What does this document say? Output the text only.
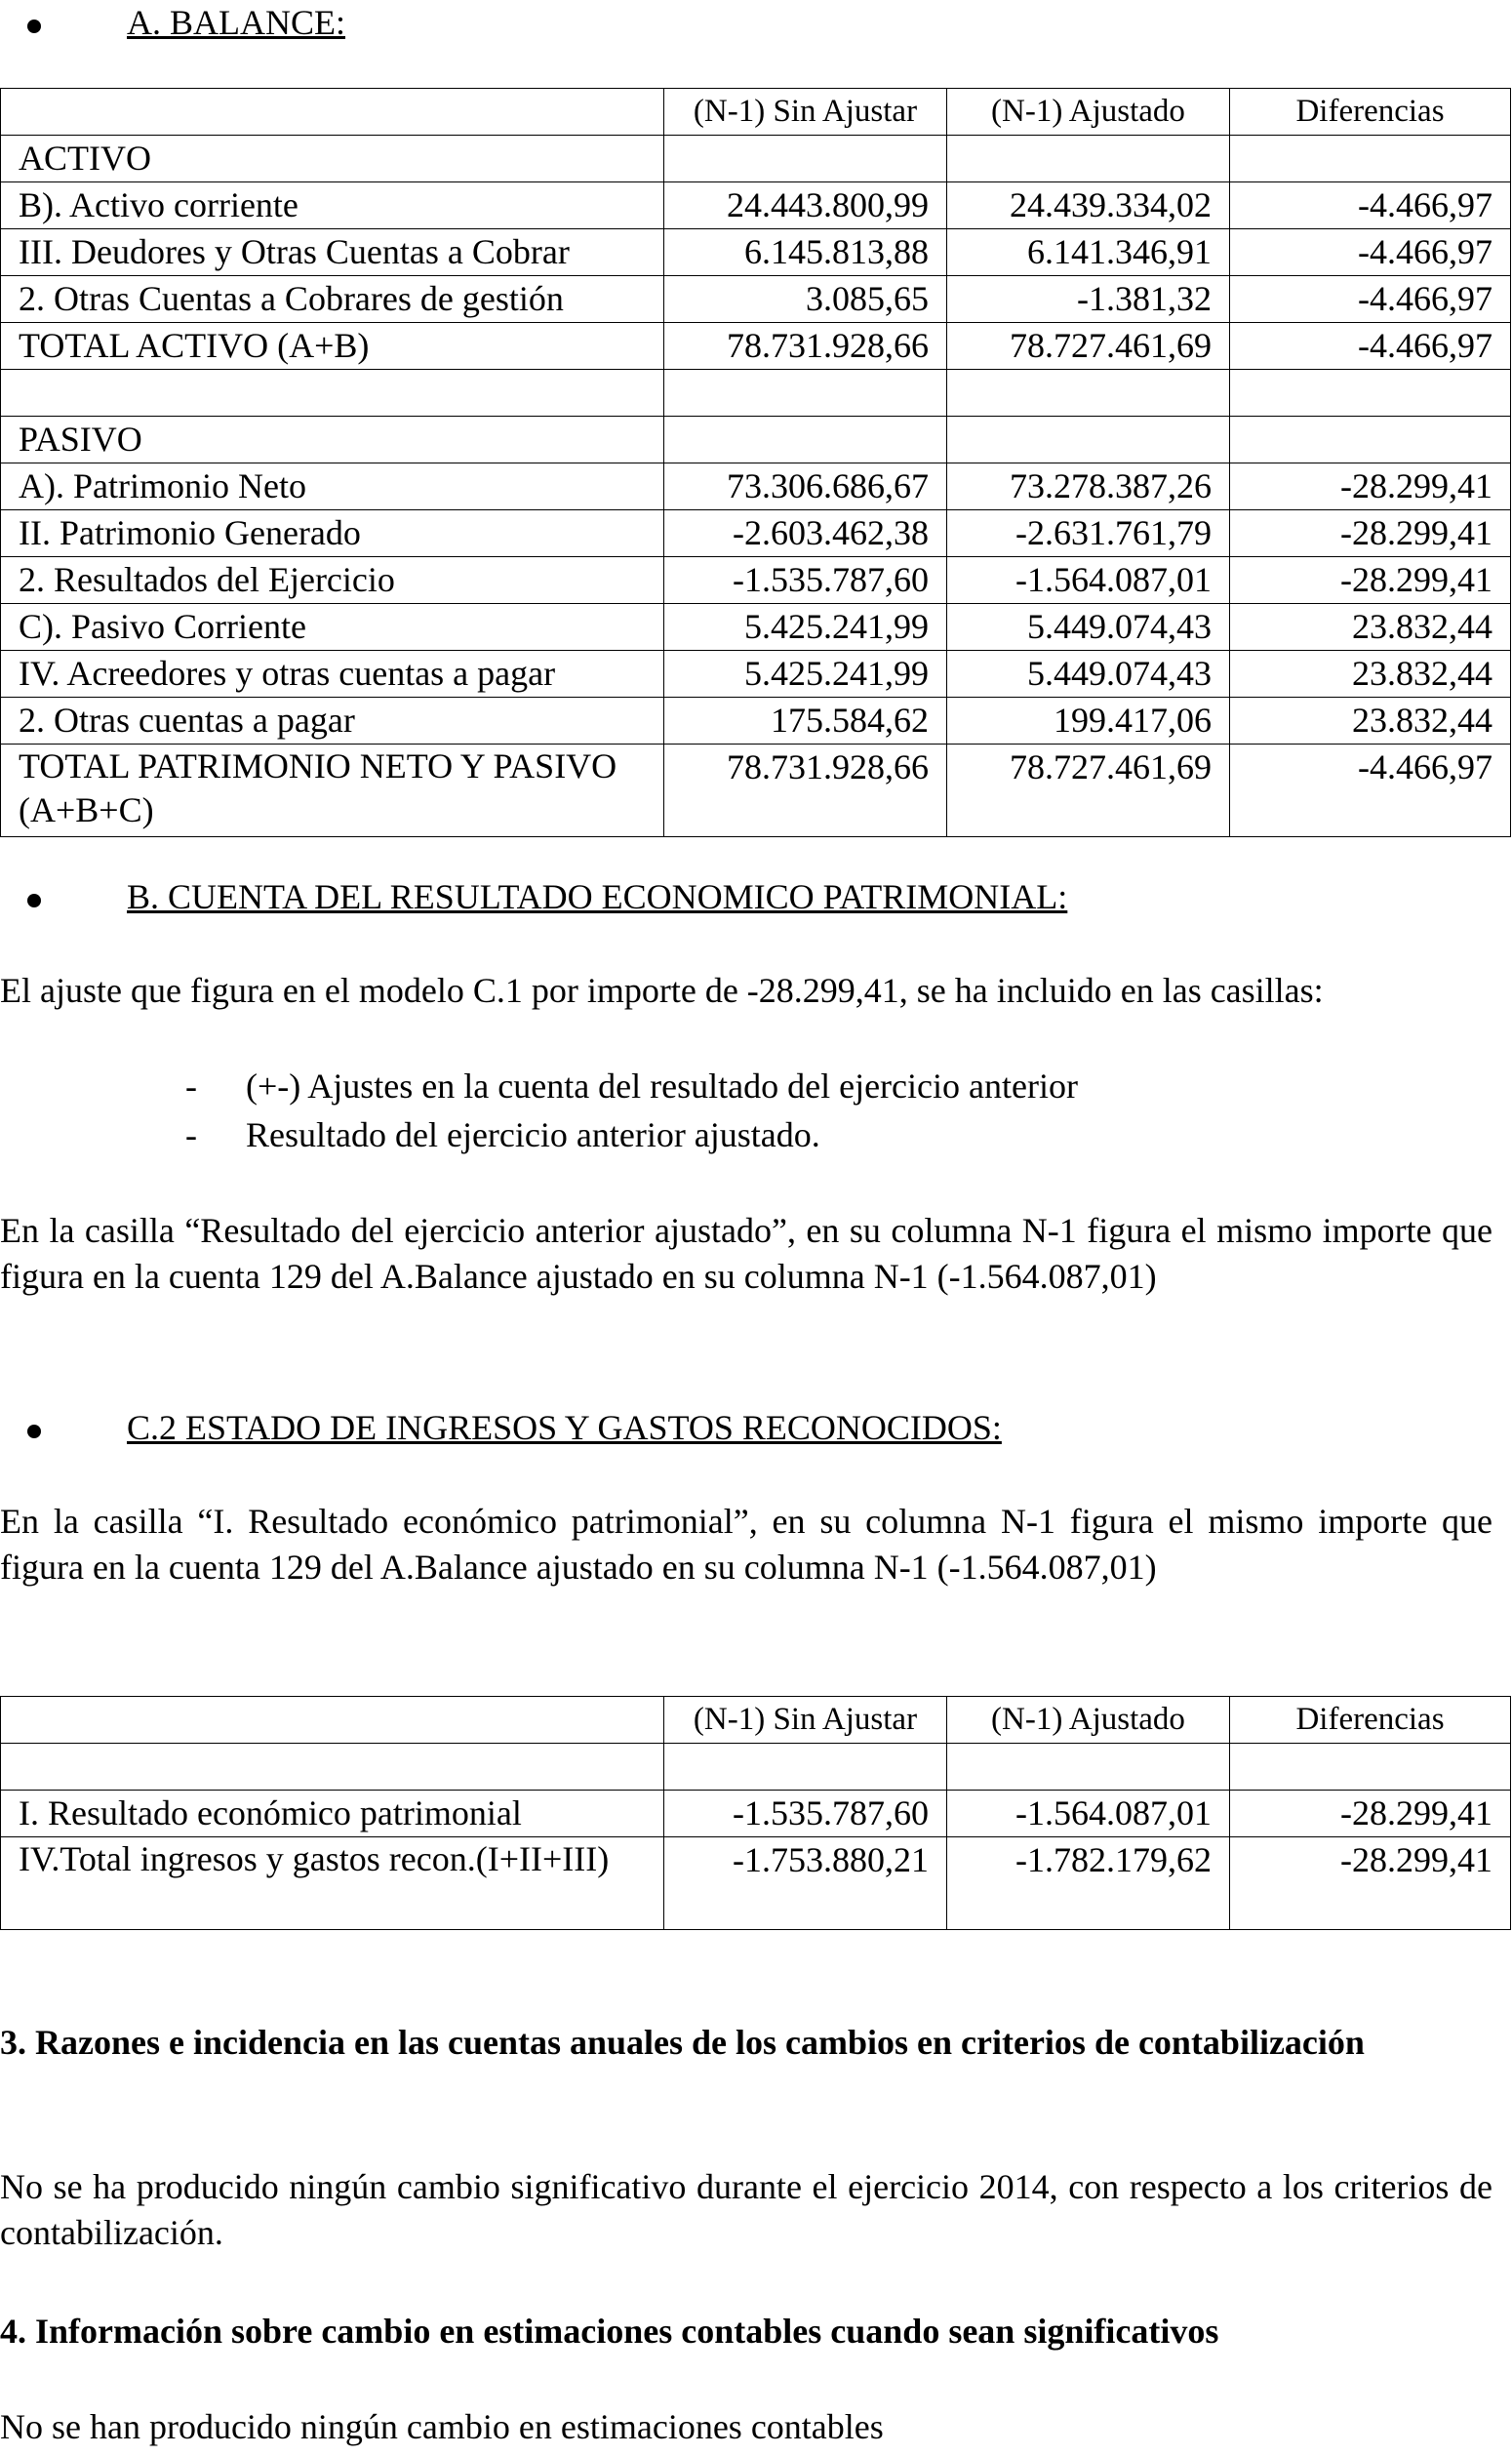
A. BALANCE:
	(N-1) Sin Ajustar	(N-1) Ajustado	Diferencias
ACTIVO			
B). Activo corriente	24.443.800,99	24.439.334,02	-4.466,97
III. Deudores y Otras Cuentas a Cobrar	6.145.813,88	6.141.346,91	-4.466,97
2. Otras Cuentas a Cobrares de gestión	3.085,65	-1.381,32	-4.466,97
TOTAL ACTIVO (A+B)	78.731.928,66	78.727.461,69	-4.466,97

PASIVO			
A). Patrimonio Neto	73.306.686,67	73.278.387,26	-28.299,41
II. Patrimonio Generado	-2.603.462,38	-2.631.761,79	-28.299,41
2. Resultados del Ejercicio	-1.535.787,60	-1.564.087,01	-28.299,41
C). Pasivo Corriente	5.425.241,99	5.449.074,43	23.832,44
IV. Acreedores y otras cuentas a pagar	5.425.241,99	5.449.074,43	23.832,44
2. Otras cuentas a pagar	175.584,62	199.417,06	23.832,44
TOTAL PATRIMONIO NETO Y PASIVO (A+B+C)	78.731.928,66	78.727.461,69	-4.466,97
B. CUENTA DEL RESULTADO ECONOMICO PATRIMONIAL:

El ajuste que figura en el modelo C.1 por importe de -28.299,41, se ha incluido en las casillas:

- (+-) Ajustes en la cuenta del resultado del ejercicio anterior
- Resultado del ejercicio anterior ajustado.

En la casilla “Resultado del ejercicio anterior ajustado”, en su columna N-1 figura el mismo importe que figura en la cuenta 129 del A.Balance ajustado en su columna N-1 (-1.564.087,01)

C.2 ESTADO DE INGRESOS Y GASTOS RECONOCIDOS:

En la casilla “I. Resultado económico patrimonial”, en su columna N-1 figura el mismo importe que figura en la cuenta 129 del A.Balance ajustado en su columna N-1 (-1.564.087,01)

	(N-1) Sin Ajustar	(N-1) Ajustado	Diferencias

I. Resultado económico patrimonial	-1.535.787,60	-1.564.087,01	-28.299,41
IV.Total ingresos y gastos recon.(I+II+III)	-1.753.880,21	-1.782.179,62	-28.299,41
3. Razones e incidencia en las cuentas anuales de los cambios en criterios de contabilización

No se ha producido ningún cambio significativo durante el ejercicio 2014, con respecto a los criterios de contabilización.

4. Información sobre cambio en estimaciones contables cuando sean significativos

No se han producido ningún cambio en estimaciones contables
